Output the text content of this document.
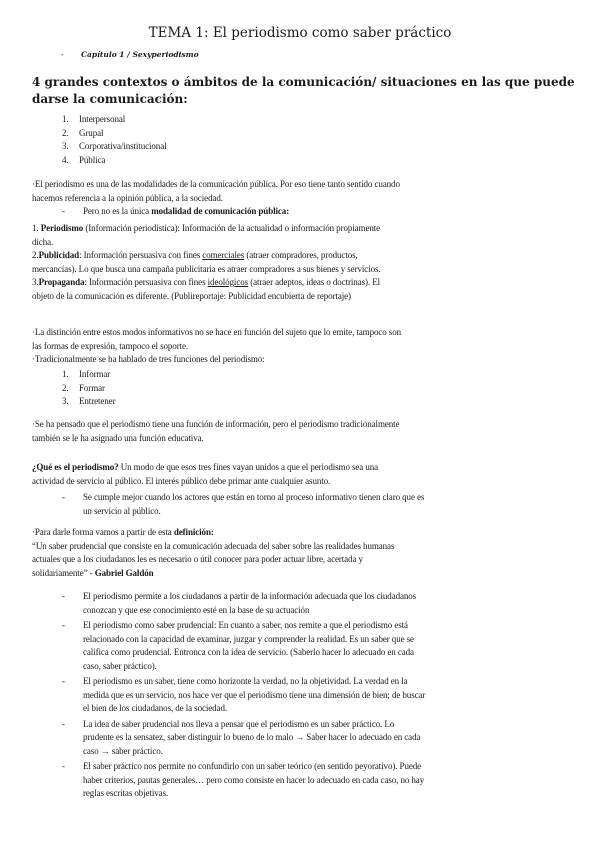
TEMA 1: El periodismo como saber práctico
- Capítulo 1 / Sexyperiodismo
4 grandes contextos o ámbitos de la comunicación/ situaciones en las que puede
darse la comunicación:
1. Interpersonal
2. Grupal
3. Corporativa/institucional
4. Pública
·El periodismo es una de las modalidades de la comunicación pública. Por eso tiene tanto sentido cuando
hacemos referencia a la opinión pública, a la sociedad.
- Pero no es la única modalidad de comunicación pública:
1. Periodismo (Información periodística): Información de la actualidad o información propiamente
dicha.
2.Publicidad: Información persuasiva con fines comerciales (atraer compradores, productos,
mercancías). Lo que busca una campaña publicitaria es atraer compradores a sus bienes y servicios.
3.Propaganda: Información persuasiva con fines ideológicos (atraer adeptos, ideas o doctrinas). El
objeto de la comunicación es diferente. (Publireportaje: Publicidad encubierta de reportaje)
·La distinción entre estos modos informativos no se hace en función del sujeto que lo emite, tampoco son
las formas de expresión, tampoco el soporte.
·Tradicionalmente se ha hablado de tres funciones del periodismo:
1. Informar
2. Formar
3. Entretener
·Se ha pensado que el periodismo tiene una función de información, pero el periodismo tradicionalmente
también se le ha asignado una función educativa.
¿Qué es el periodismo? Un modo de que esos tres fines vayan unidos a que el periodismo sea una
actividad de servicio al público. El interés público debe primar ante cualquier asunto.
- Se cumple mejor cuando los actores que están en torno al proceso informativo tienen claro que es
un servicio al público.
·Para darle forma vamos a partir de esta definición:
“Un saber prudencial que consiste en la comunicación adecuada del saber sobre las realidades humanas
actuales que a los ciudadanos les es necesario o útil conocer para poder actuar libre, acertada y
solidariamente” - Gabriel Galdón
- El periodismo permite a los ciudadanos a partir de la información adecuada que los ciudadanos
conozcan y que ese conocimiento esté en la base de su actuación
- El periodismo como saber prudencial: En cuanto a saber, nos remite a que el periodismo está
relacionado con la capacidad de examinar, juzgar y comprender la realidad. Es un saber que se
califica como prudencial. Entronca con la idea de servicio. (Saberlo hacer lo adecuado en cada
caso, saber práctico).
- El periodismo es un saber, tiene como horizonte la verdad, no la objetividad. La verdad en la
medida que es un servicio, nos hace ver que el periodismo tiene una dimensión de bien; de buscar
el bien de los ciudadanos, de la sociedad.
- La idea de saber prudencial nos lleva a pensar que el periodismo es un saber práctico. Lo
prudente es la sensatez, saber distinguir lo bueno de lo malo → Saber hacer lo adecuado en cada
caso → saber práctico.
- El saber práctico nos permite no confundirlo con un saber teórico (en sentido peyorativo). Puede
haber criterios, pautas generales… pero como consiste en hacer lo adecuado en cada caso, no hay
reglas escritas objetivas.
